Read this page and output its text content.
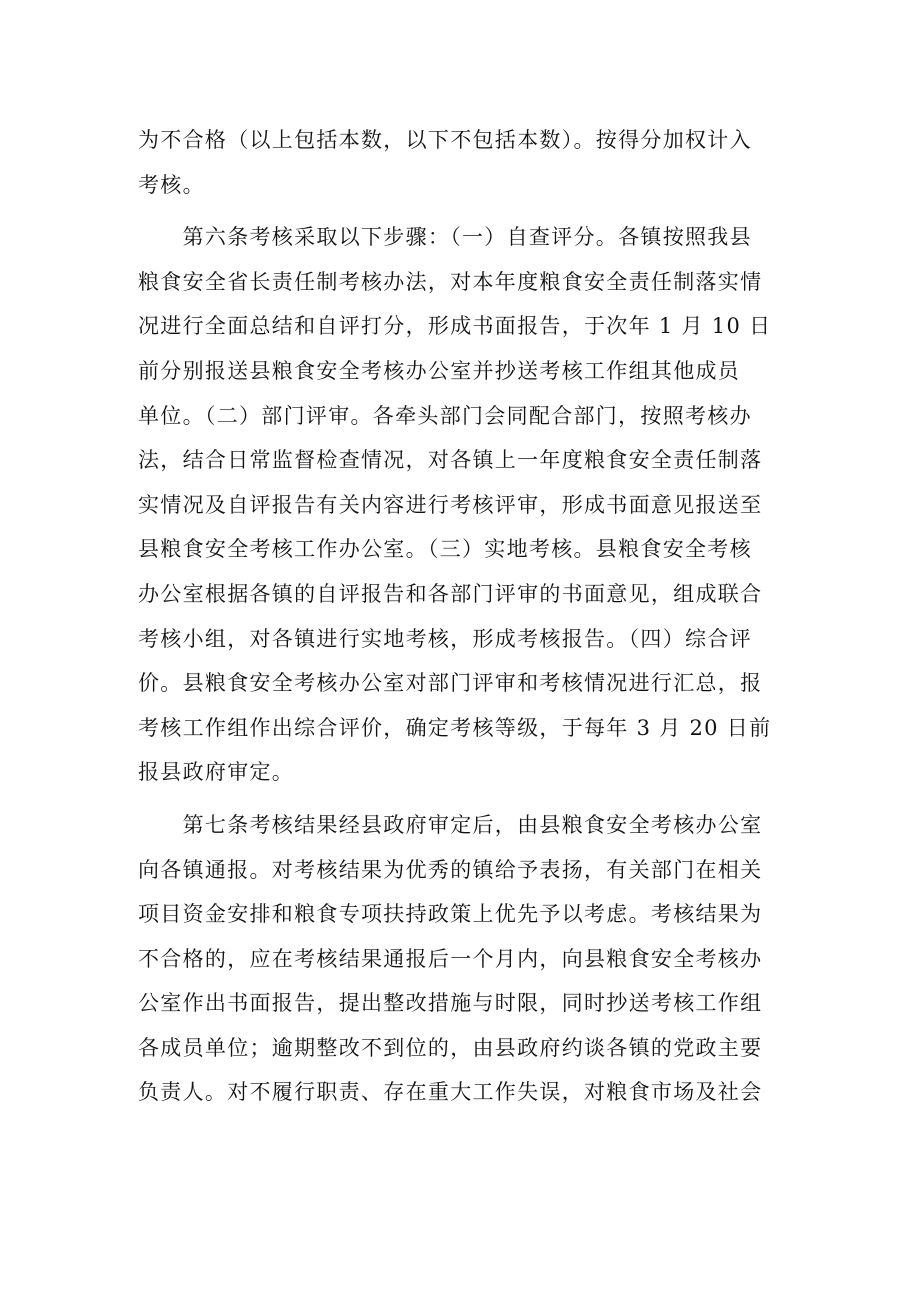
为不合格（以上包括本数，以下不包括本数）。按得分加权计入
考核。
　　第六条考核采取以下步骤：（一）自查评分。各镇按照我县
粮食安全省长责任制考核办法，对本年度粮食安全责任制落实情
况进行全面总结和自评打分，形成书面报告，于次年 1 月 10 日
前分别报送县粮食安全考核办公室并抄送考核工作组其他成员
单位。（二）部门评审。各牵头部门会同配合部门，按照考核办
法，结合日常监督检查情况，对各镇上一年度粮食安全责任制落
实情况及自评报告有关内容进行考核评审，形成书面意见报送至
县粮食安全考核工作办公室。（三）实地考核。县粮食安全考核
办公室根据各镇的自评报告和各部门评审的书面意见，组成联合
考核小组，对各镇进行实地考核，形成考核报告。（四）综合评
价。县粮食安全考核办公室对部门评审和考核情况进行汇总，报
考核工作组作出综合评价，确定考核等级，于每年 3 月 20 日前
报县政府审定。
　　第七条考核结果经县政府审定后，由县粮食安全考核办公室
向各镇通报。对考核结果为优秀的镇给予表扬，有关部门在相关
项目资金安排和粮食专项扶持政策上优先予以考虑。考核结果为
不合格的，应在考核结果通报后一个月内，向县粮食安全考核办
公室作出书面报告，提出整改措施与时限，同时抄送考核工作组
各成员单位；逾期整改不到位的，由县政府约谈各镇的党政主要
负责人。对不履行职责、存在重大工作失误，对粮食市场及社会
